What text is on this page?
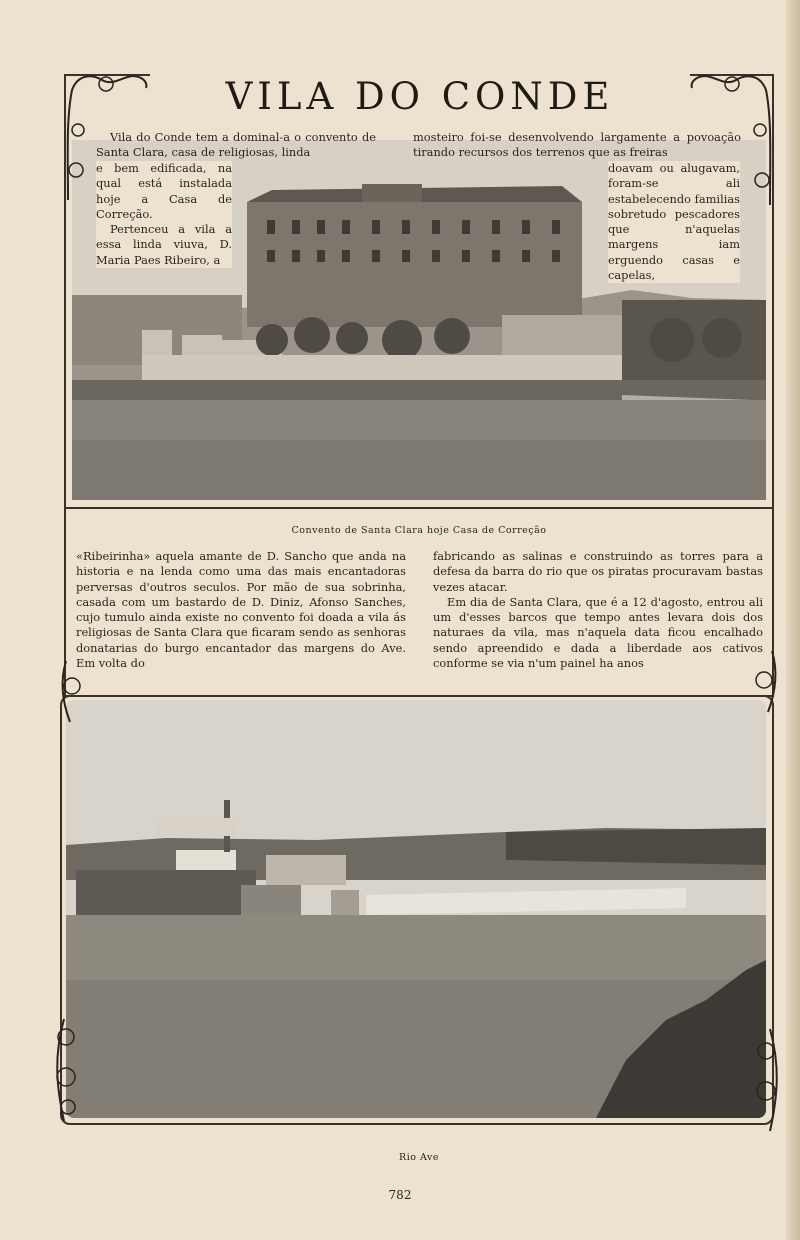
VILA DO CONDE

Vila do Conde tem a dominal-a o convento de Santa Clara, casa de religiosas, linda

e bem edificada, na qual está instalada hoje a Casa de Correção.

Pertenceu a vila a essa linda viuva, D. Maria Paes Ribeiro, a

mosteiro foi-se desenvolvendo largamente a povoação tirando recursos dos terrenos que as freiras

doavam ou alugavam, foram-se ali estabelecendo familias sobretudo pescadores que n'aquelas margens iam erguendo casas e capelas,

Convento de Santa Clara hoje Casa de Correção

«Ribeirinha» aquela amante de D. Sancho que anda na historia e na lenda como uma das mais encantadoras perversas d'outros seculos. Por mão de sua sobrinha, casada com um bastardo de D. Diniz, Afonso Sanches, cujo tumulo ainda existe no convento foi doada a vila ás religiosas de Santa Clara que ficaram sendo as senhoras donatarias do burgo encantador das margens do Ave. Em volta do

fabricando as salinas e construindo as torres para a defesa da barra do rio que os piratas procuravam bastas vezes atacar.

Em dia de Santa Clara, que é a 12 d'agosto, entrou ali um d'esses barcos que tempo antes levara dois dos naturaes da vila, mas n'aquela data ficou encalhado sendo apreendido e dada a liberdade aos cativos conforme se via n'um painel ha anos

Rio Ave
782
